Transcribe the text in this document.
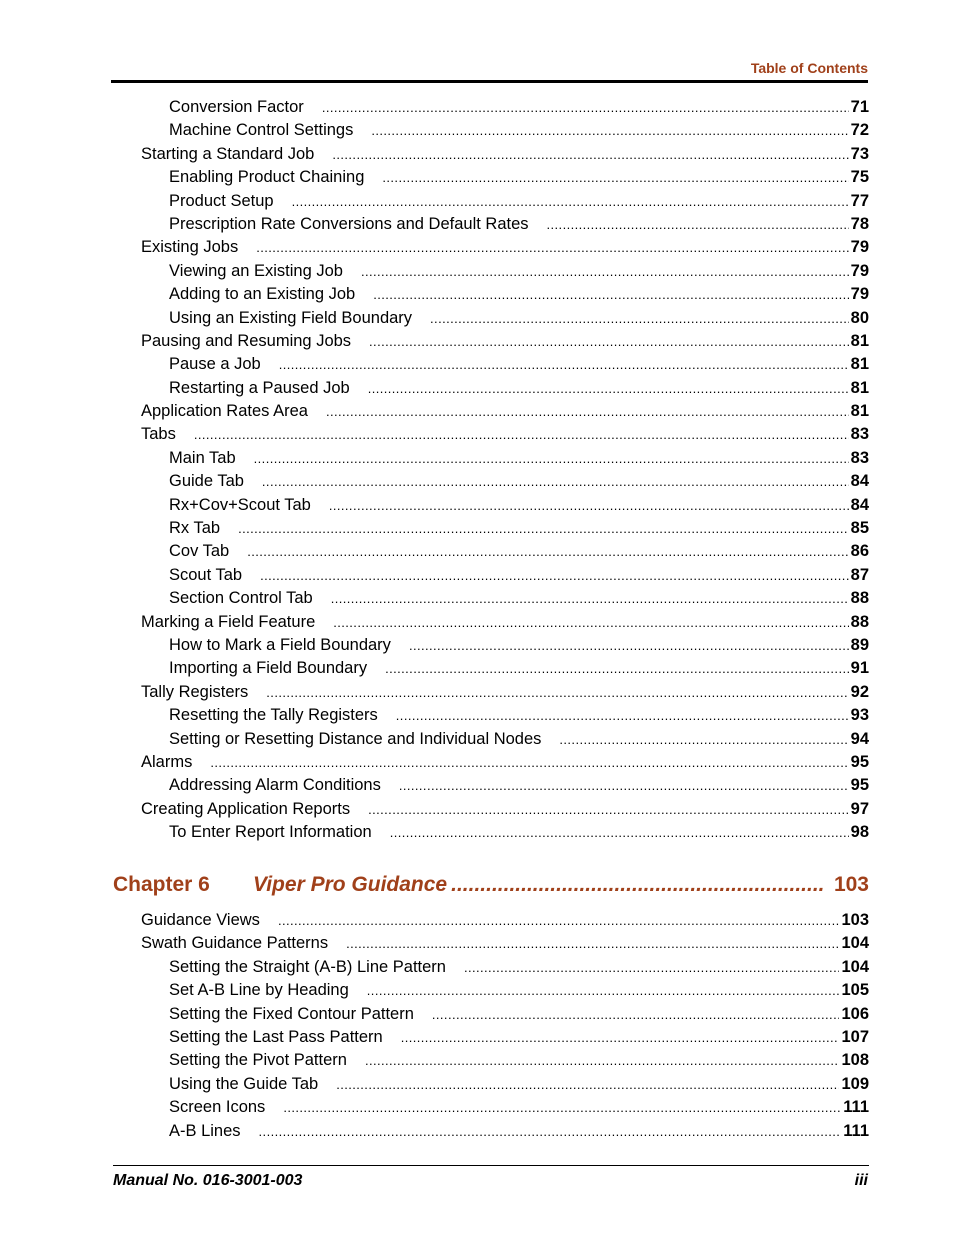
Table of Contents
Conversion Factor .....	71
Machine Control Settings .....	72
Starting a Standard Job .....	73
Enabling Product Chaining .....	75
Product Setup .....	77
Prescription Rate Conversions and Default Rates .....	78
Existing Jobs .....	79
Viewing an Existing Job .....	79
Adding to an Existing Job .....	79
Using an Existing Field Boundary .....	80
Pausing and Resuming Jobs .....	81
Pause a Job .....	81
Restarting a Paused Job .....	81
Application Rates Area .....	81
Tabs .....	83
Main Tab .....	83
Guide Tab .....	84
Rx+Cov+Scout Tab .....	84
Rx Tab .....	85
Cov Tab .....	86
Scout Tab .....	87
Section Control Tab .....	88
Marking a Field Feature .....	88
How to Mark a Field Boundary .....	89
Importing a Field Boundary .....	91
Tally Registers .....	92
Resetting the Tally Registers .....	93
Setting or Resetting Distance and Individual Nodes .....	94
Alarms .....	95
Addressing Alarm Conditions .....	95
Creating Application Reports .....	97
To Enter Report Information .....	98
Chapter 6	Viper Pro Guidance .....	103
Guidance Views .....	103
Swath Guidance Patterns .....	104
Setting the Straight (A-B) Line Pattern .....	104
Set A-B Line by Heading .....	105
Setting the Fixed Contour Pattern .....	106
Setting the Last Pass Pattern .....	107
Setting the Pivot Pattern .....	108
Using the Guide Tab .....	109
Screen Icons .....	111
A-B Lines .....	111
Manual No. 016-3001-003	iii
